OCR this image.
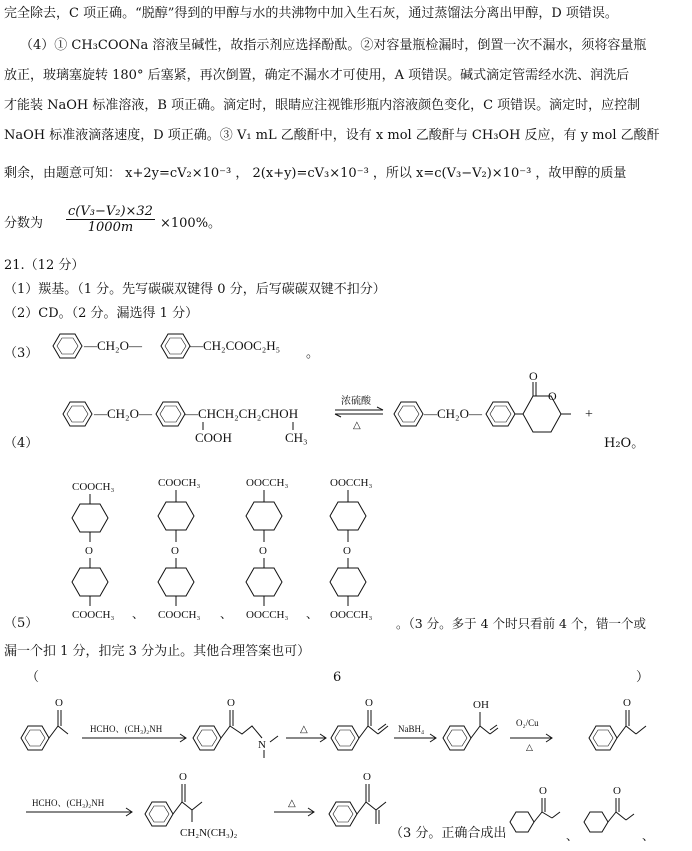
完全除去，C 项正确。“脱醇”得到的甲醇与水的共沸物中加入生石灰，通过蒸馏法分离出甲醇，D 项错误。
（4）① CH₃COONa 溶液呈碱性，故指示剂应选择酚酞。②对容量瓶检漏时，倒置一次不漏水，须将容量瓶
放正，玻璃塞旋转 180° 后塞紧，再次倒置，确定不漏水才可使用，A 项错误。碱式滴定管需经水洗、润洗后
才能装 NaOH 标准溶液，B 项正确。滴定时，眼睛应注视锥形瓶内溶液颜色变化，C 项错误。滴定时，应控制
NaOH 标准液滴落速度，D 项正确。③ V₁ mL 乙酸酐中，设有 x mol 乙酸酐与 CH₃OH 反应，有 y mol 乙酸酐
剩余，由题意可知： x+2y=cV₂×10⁻³ ， 2(x+y)=cV₃×10⁻³ ，所以 x=c(V₃−V₂)×10⁻³ ，故甲醇的质量
分数为 $\frac{\text{c(V₃−V₂)×32}}{1000m} \times 100\%$。
21.（12 分）
（1）羰基。（1 分。先写碳碳双键得 0 分，后写碳碳双键不扣分）
（2）CD。（2 分。漏选得 1 分）
（3）
—CH₂O—	—CH₂COOC₂H₅
。
（4）
—CH₂O—	—CHCH₂CH₂CHOH
COOH	CH₃
浓硫酸
△
—CH₂O—
O
O
+
H₂O。
（5）
COOCH₃
O
COOCH₃ 、
COOCH₃
O
COOCH₃ 、
OOCCH₃
O
OOCCH₃ 、
OOCCH₃
O
OOCCH₃
。（3 分。多于 4 个时只看前 4 个，错一个或
漏一个扣 1 分，扣完 3 分为止。其他合理答案也可）
（	6	）
O
HCHO、(CH₃)₂NH
O
N
△
O
NaBH₄
OH
O₂/Cu
△
O
HCHO、(CH₃)₂NH
O
CH₂N(CH₃)₂
△
O
O
、
O
、
（3 分。正确合成出
